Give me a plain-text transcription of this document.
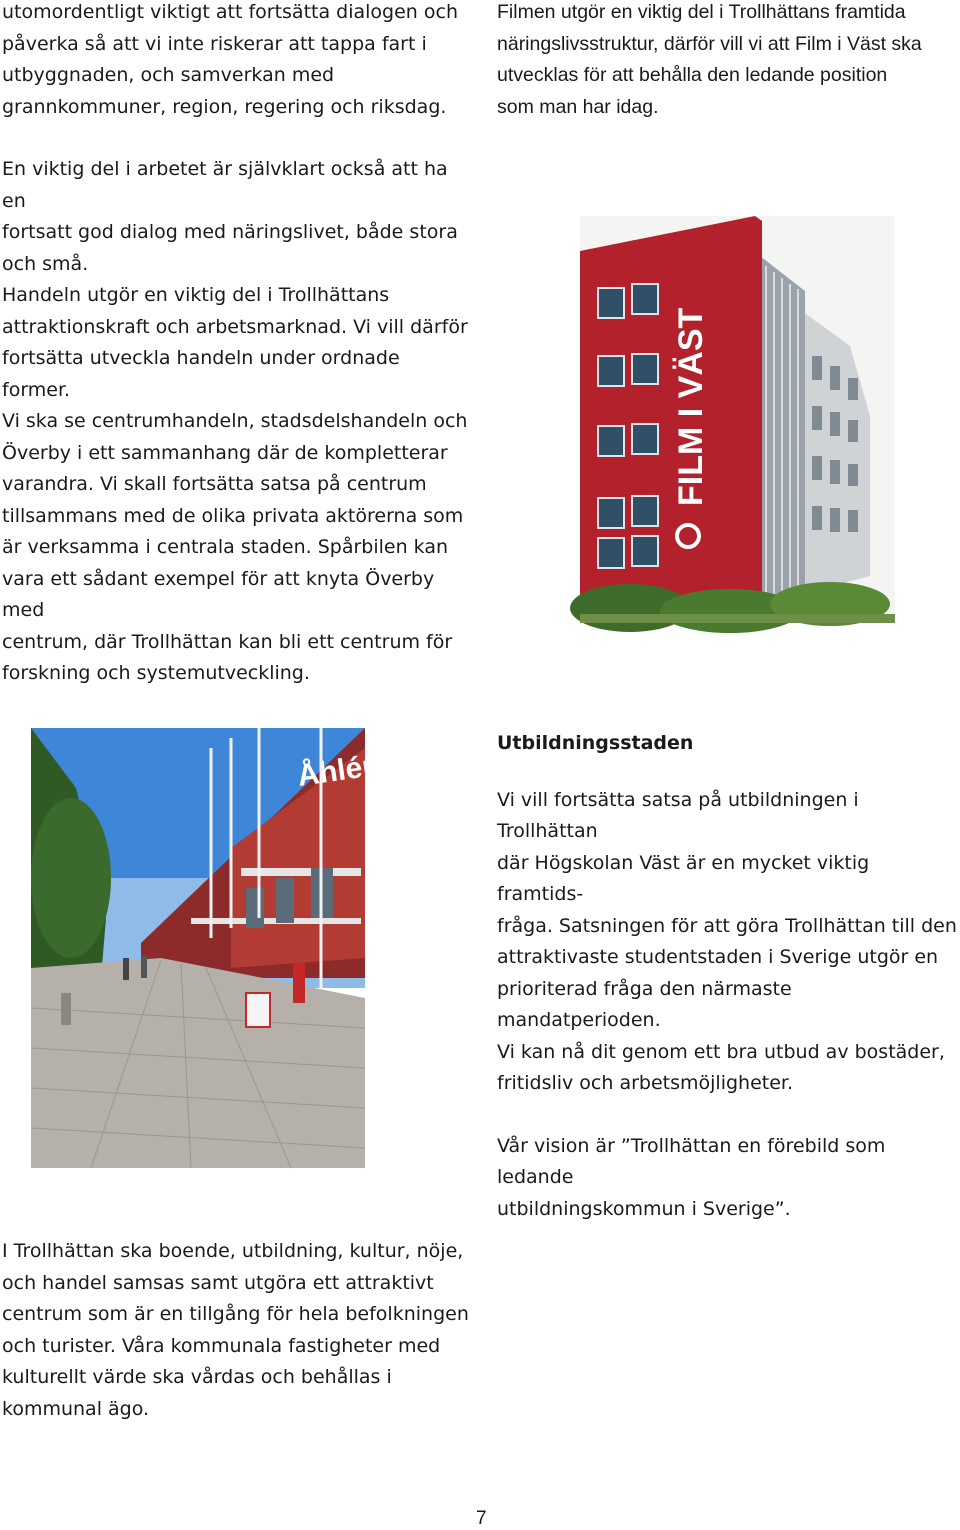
utomordentligt viktigt att fortsätta dialogen och
påverka så att vi inte riskerar att tappa fart i
utbyggnaden, och samverkan med
grannkommuner, region, regering och riksdag.
Filmen utgör en viktig del i Trollhättans framtida
näringslivsstruktur, därför vill vi att Film i Väst ska
utvecklas för att behålla den ledande position
som man har idag.
En viktig del i arbetet är självklart också att ha en
fortsatt god dialog med näringslivet, både stora
och små.
Handeln utgör en viktig del i Trollhättans
attraktionskraft och arbetsmarknad. Vi vill därför
fortsätta utveckla handeln under ordnade former.
Vi ska se centrumhandeln, stadsdelshandeln och
Överby i ett sammanhang där de kompletterar
varandra. Vi skall fortsätta satsa på centrum
tillsammans med de olika privata aktörerna som
är verksamma i centrala staden. Spårbilen kan
vara ett sådant exempel för att knyta Överby med
centrum, där Trollhättan kan bli ett centrum för
forskning och systemutveckling.
FILM I VÄST
Åhléns
Utbildningsstaden
Vi vill fortsätta satsa på utbildningen i Trollhättan
där Högskolan Väst är en mycket viktig framtids-
fråga. Satsningen för att göra Trollhättan till den
attraktivaste studentstaden i Sverige utgör en
prioriterad fråga den närmaste mandatperioden.
Vi kan nå dit genom ett bra utbud av bostäder,
fritidsliv och arbetsmöjligheter.
Vår vision är ”Trollhättan en förebild som ledande
utbildningskommun i Sverige”.
I Trollhättan ska boende, utbildning, kultur, nöje,
och handel samsas samt utgöra ett attraktivt
centrum som är en tillgång för hela befolkningen
och turister. Våra kommunala fastigheter med
kulturellt värde ska vårdas och behållas i
kommunal ägo.
7
